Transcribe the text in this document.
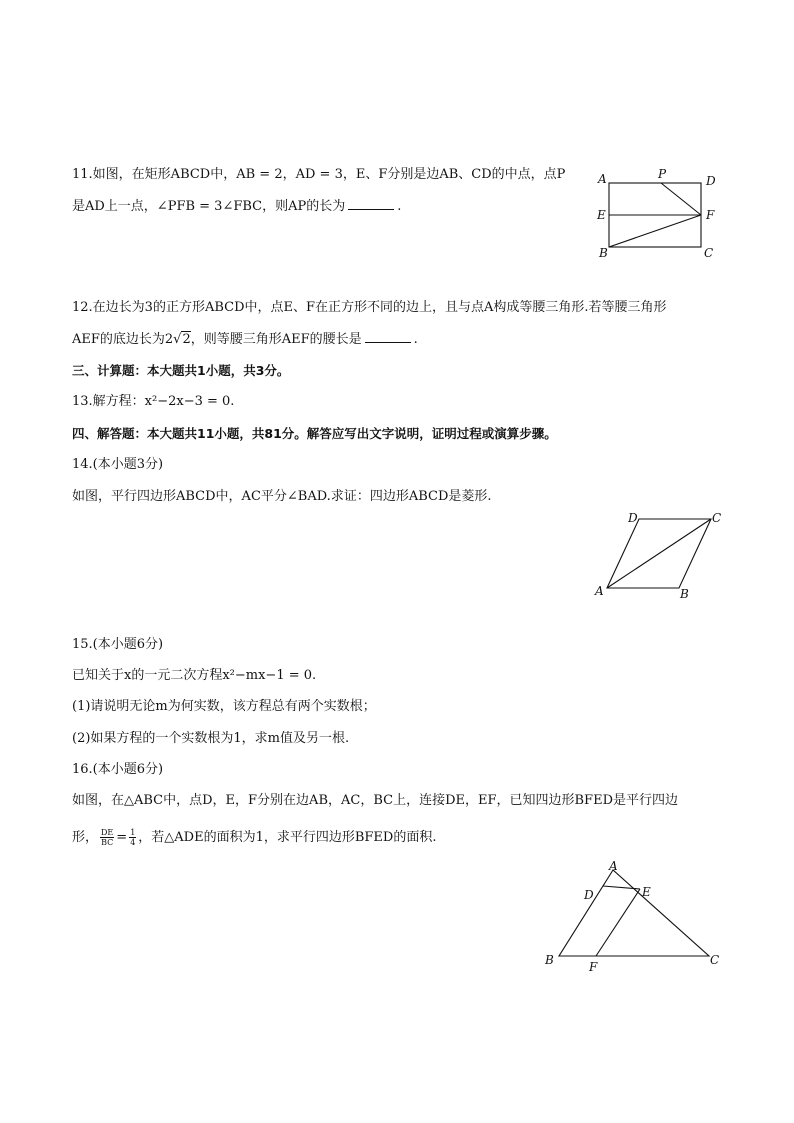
11.如图，在矩形ABCD中，AB = 2，AD = 3，E、F分别是边AB、CD的中点，点P
是AD上一点，∠PFB = 3∠FBC，则AP的长为	.
A	P	D
E	F
B	C
12.在边长为3的正方形ABCD中，点E、F在正方形不同的边上，且与点A构成等腰三角形.若等腰三角形
AEF的底边长为2√2，则等腰三角形AEF的腰长是	.
三、计算题：本大题共1小题，共3分。
13.解方程：x²−2x−3 = 0.
四、解答题：本大题共11小题，共81分。解答应写出文字说明，证明过程或演算步骤。
14.(本小题3分)
如图，平行四边形ABCD中，AC平分∠BAD.求证：四边形ABCD是菱形.
D	C
A	B
15.(本小题6分)
已知关于x的一元二次方程x²−mx−1 = 0.
(1)请说明无论m为何实数，该方程总有两个实数根；
(2)如果方程的一个实数根为1，求m值及另一根.
16.(本小题6分)
如图，在△ABC中，点D，E，F分别在边AB，AC，BC上，连接DE，EF，已知四边形BFED是平行四边
形， $\frac{DE}{BC} = \frac{1}{4}$ ，若△ADE的面积为1，求平行四边形BFED的面积.
A
D	E
B	F	C
